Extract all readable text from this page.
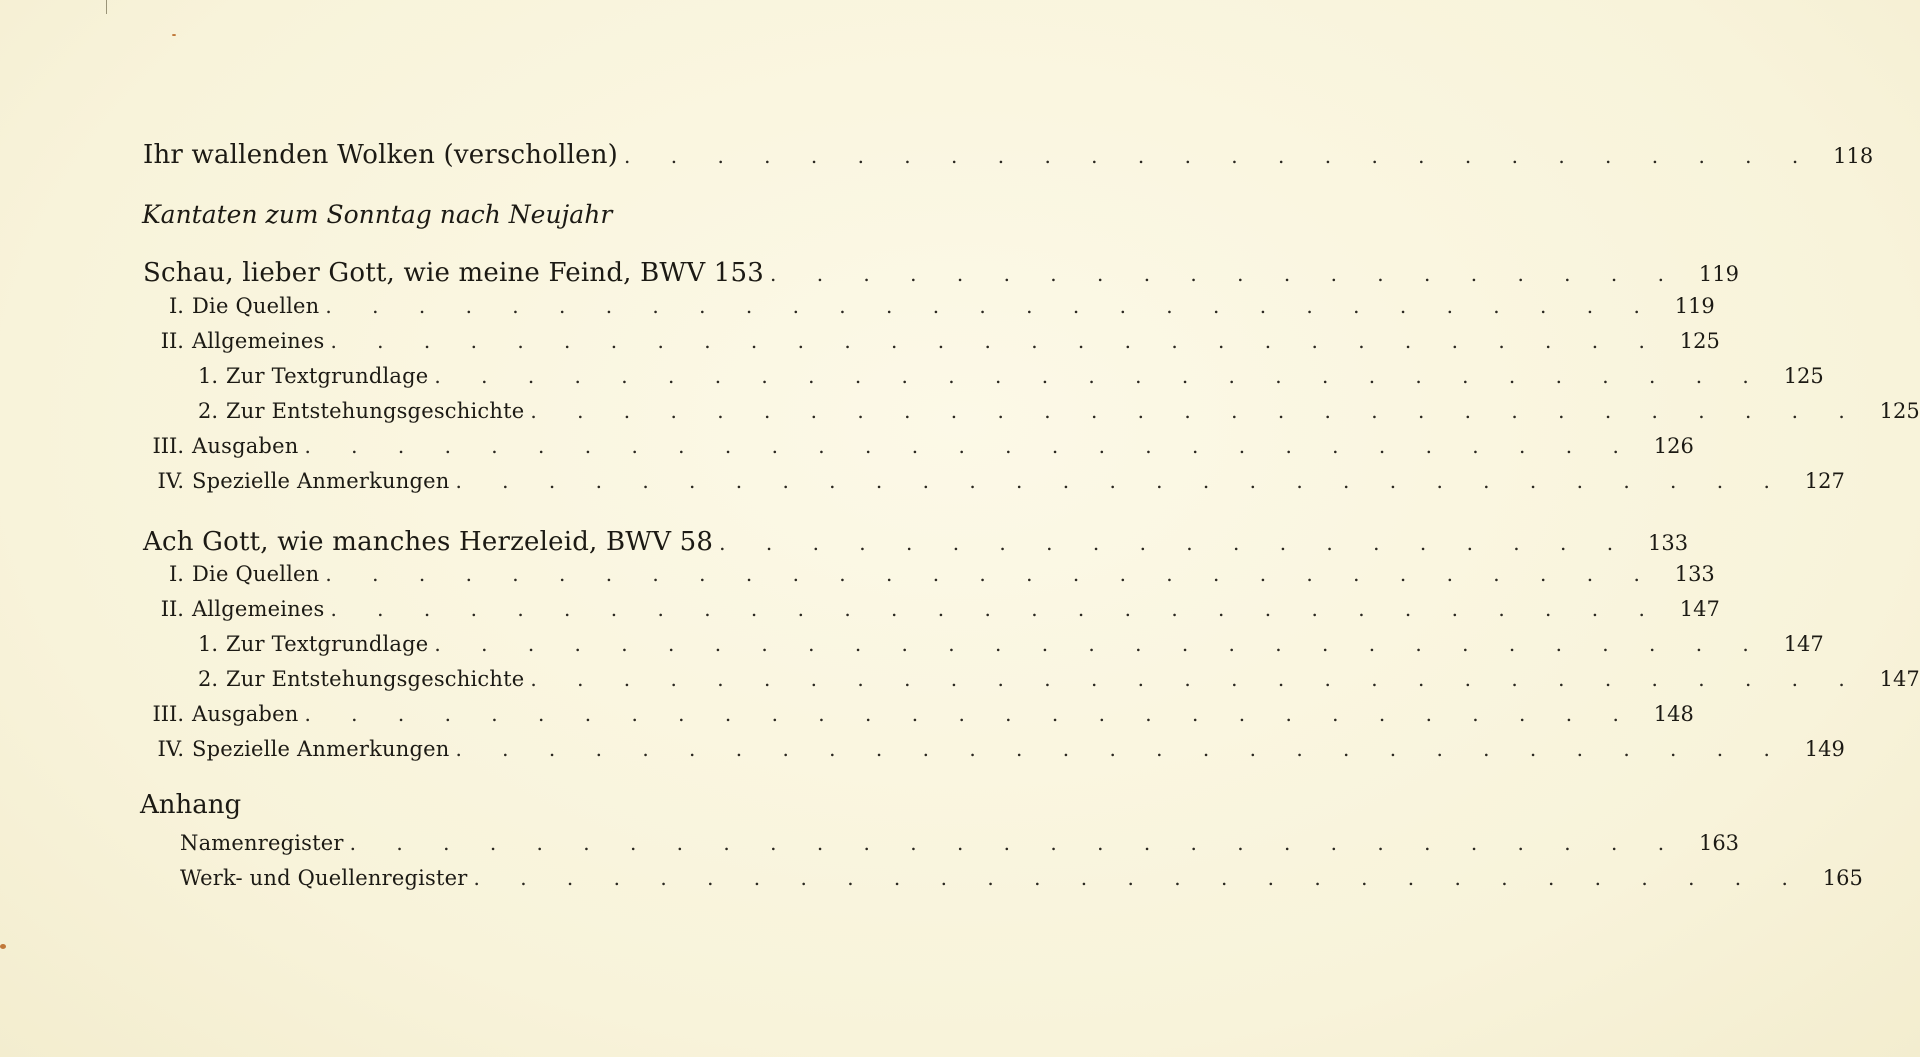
Ihr wallenden Wolken (verschollen) . . . . . . . . . . . . . . . . . . . . . . . . . . 118
Kantaten zum Sonntag nach Neujahr
Schau, lieber Gott, wie meine Feind, BWV 153 . . . . . . . . . . . . . . . . . . . . 119
I. Die Quellen . . . . . . . . . . . . . . . . . . . . . . . . . . . . . 119
II. Allgemeines . . . . . . . . . . . . . . . . . . . . . . . . . . . . . 125
1. Zur Textgrundlage . . . . . . . . . . . . . . . . . . . . . . . . . . . . . 125
2. Zur Entstehungsgeschichte . . . . . . . . . . . . . . . . . . . . . . . . . . . . . 125
III. Ausgaben . . . . . . . . . . . . . . . . . . . . . . . . . . . . . 126
IV. Spezielle Anmerkungen . . . . . . . . . . . . . . . . . . . . . . . . . . . . . 127
Ach Gott, wie manches Herzeleid, BWV 58 . . . . . . . . . . . . . . . . . . . . 133
I. Die Quellen . . . . . . . . . . . . . . . . . . . . . . . . . . . . . 133
II. Allgemeines . . . . . . . . . . . . . . . . . . . . . . . . . . . . . 147
1. Zur Textgrundlage . . . . . . . . . . . . . . . . . . . . . . . . . . . . . 147
2. Zur Entstehungsgeschichte . . . . . . . . . . . . . . . . . . . . . . . . . . . . . 147
III. Ausgaben . . . . . . . . . . . . . . . . . . . . . . . . . . . . . 148
IV. Spezielle Anmerkungen . . . . . . . . . . . . . . . . . . . . . . . . . . . . . 149
Anhang
Namenregister . . . . . . . . . . . . . . . . . . . . . . . . . . . . . 163
Werk- und Quellenregister . . . . . . . . . . . . . . . . . . . . . . . . . . . . . 165
